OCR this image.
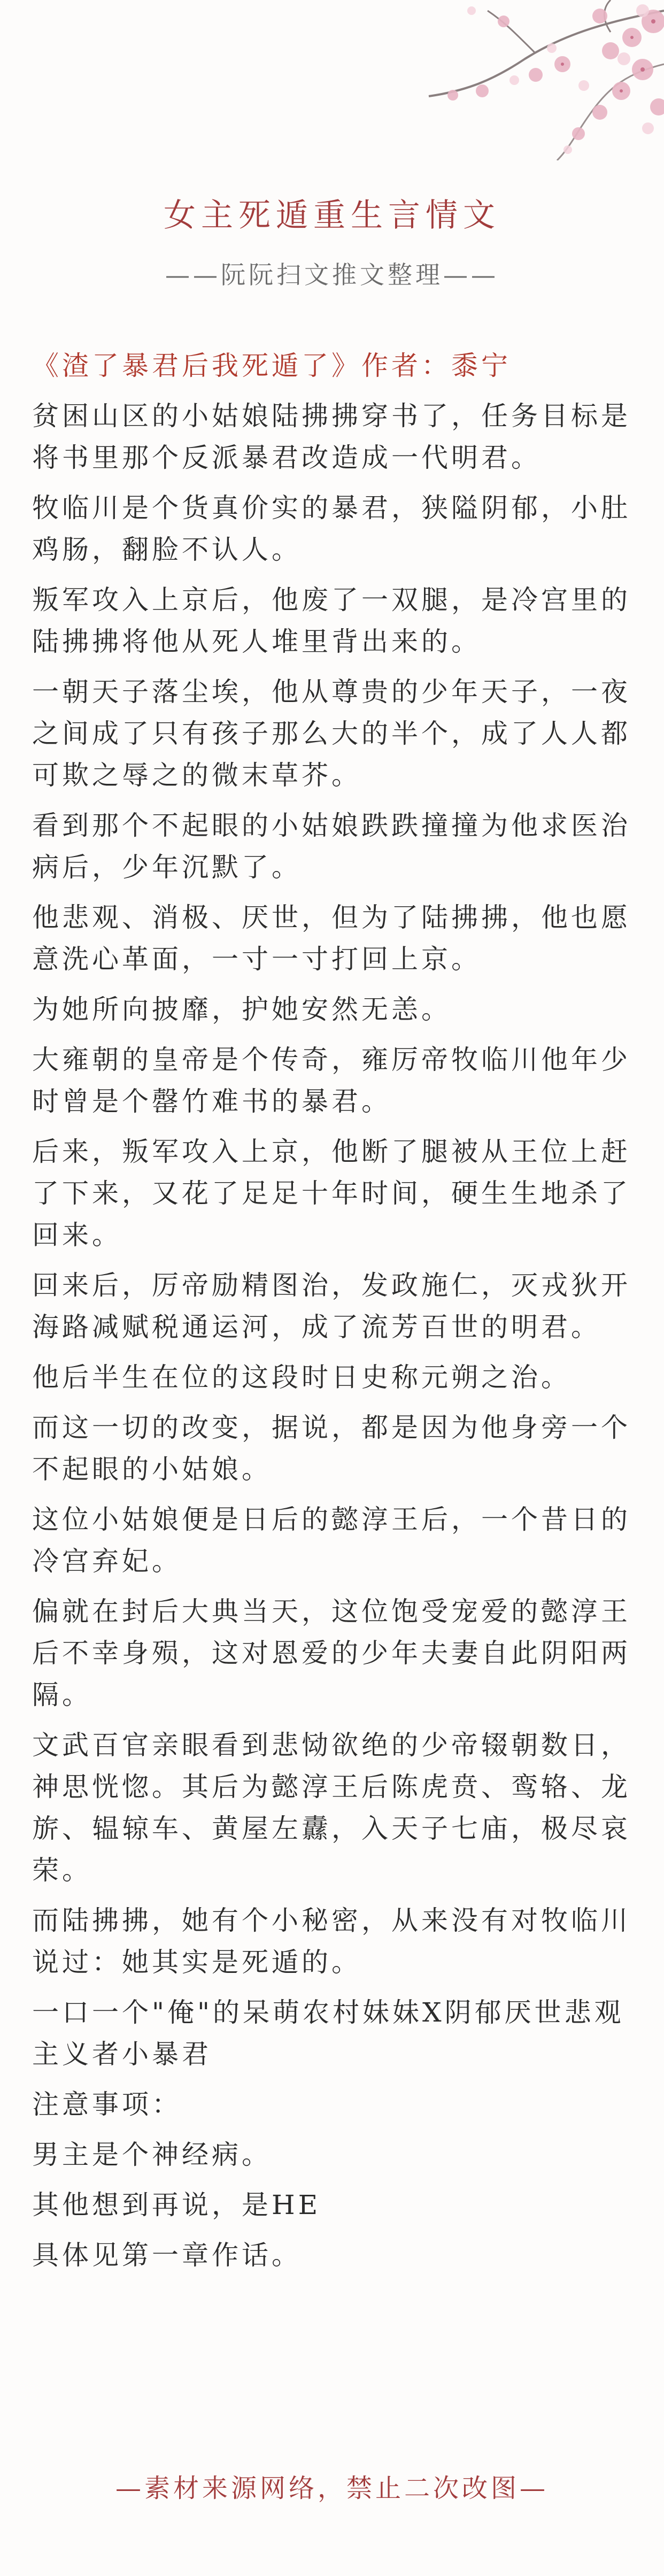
女主死遁重生言情文
——阮阮扫文推文整理——

《渣了暴君后我死遁了》作者：黍宁

贫困山区的小姑娘陆拂拂穿书了，任务目标是将书里那个反派暴君改造成一代明君。

牧临川是个货真价实的暴君，狭隘阴郁，小肚鸡肠，翻脸不认人。

叛军攻入上京后，他废了一双腿，是冷宫里的陆拂拂将他从死人堆里背出来的。

一朝天子落尘埃，他从尊贵的少年天子，一夜之间成了只有孩子那么大的半个，成了人人都可欺之辱之的微末草芥。

看到那个不起眼的小姑娘跌跌撞撞为他求医治病后，少年沉默了。

他悲观、消极、厌世，但为了陆拂拂，他也愿意洗心革面，一寸一寸打回上京。

为她所向披靡，护她安然无恙。

大雍朝的皇帝是个传奇，雍厉帝牧临川他年少时曾是个罄竹难书的暴君。

后来，叛军攻入上京，他断了腿被从王位上赶了下来，又花了足足十年时间，硬生生地杀了回来。

回来后，厉帝励精图治，发政施仁，灭戎狄开海路减赋税通运河，成了流芳百世的明君。

他后半生在位的这段时日史称元朔之治。

而这一切的改变，据说，都是因为他身旁一个不起眼的小姑娘。

这位小姑娘便是日后的懿淳王后，一个昔日的冷宫弃妃。

偏就在封后大典当天，这位饱受宠爱的懿淳王后不幸身殒，这对恩爱的少年夫妻自此阴阳两隔。

文武百官亲眼看到悲恸欲绝的少帝辍朝数日，神思恍惚。其后为懿淳王后陈虎贲、鸾辂、龙旂、辒辌车、黄屋左纛，入天子七庙，极尽哀荣。

而陆拂拂，她有个小秘密，从来没有对牧临川说过：她其实是死遁的。

一口一个"俺"的呆萌农村妹妹X阴郁厌世悲观主义者小暴君

注意事项：

男主是个神经病。

其他想到再说，是HE

具体见第一章作话。

—素材来源网络，禁止二次改图—
